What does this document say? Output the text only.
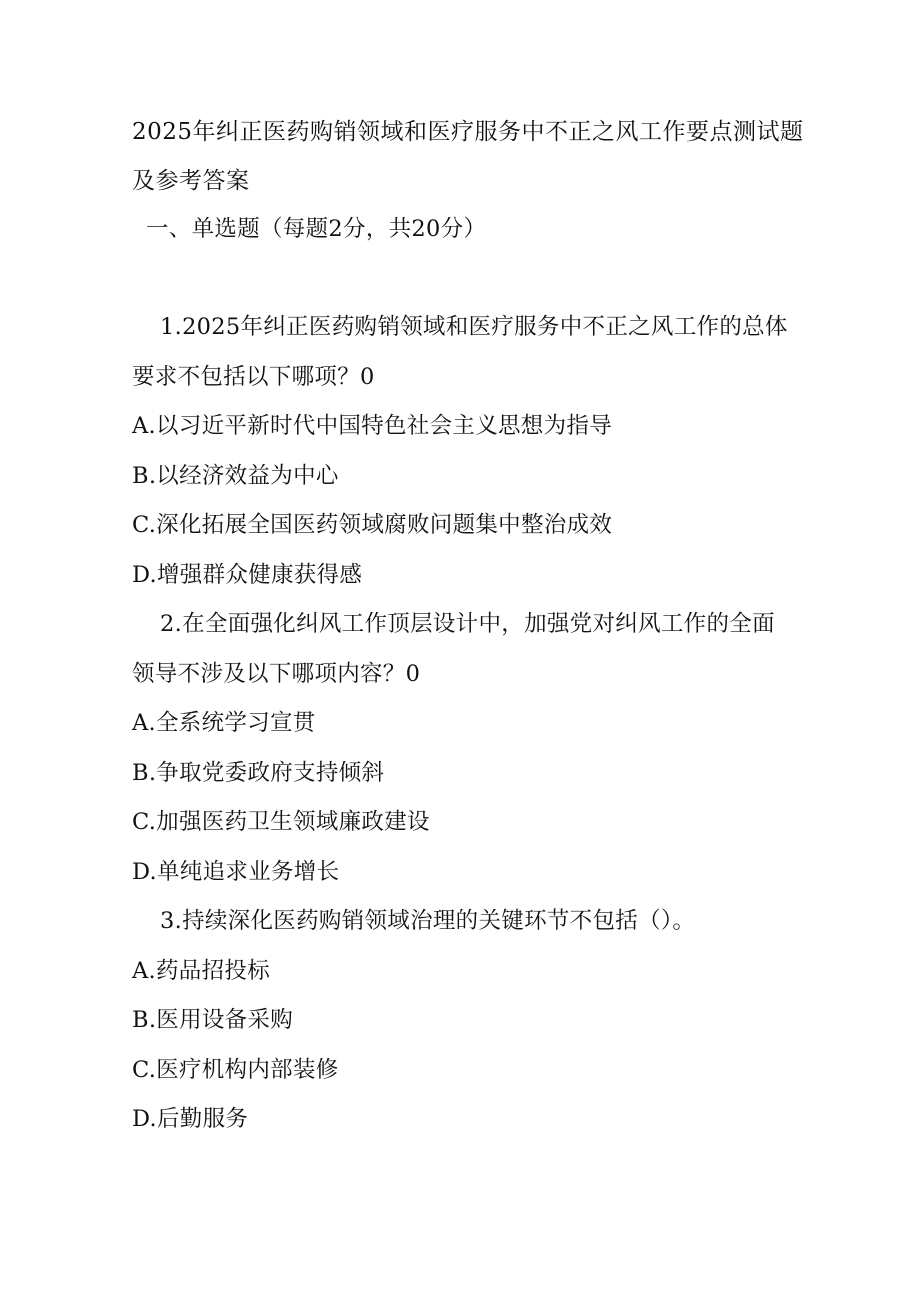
2025年纠正医药购销领域和医疗服务中不正之风工作要点测试题
及参考答案
一、单选题（每题2分，共20分）
1.2025年纠正医药购销领域和医疗服务中不正之风工作的总体
要求不包括以下哪项？0
A.以习近平新时代中国特色社会主义思想为指导
B.以经济效益为中心
C.深化拓展全国医药领域腐败问题集中整治成效
D.增强群众健康获得感
2.在全面强化纠风工作顶层设计中，加强党对纠风工作的全面
领导不涉及以下哪项内容？0
A.全系统学习宣贯
B.争取党委政府支持倾斜
C.加强医药卫生领域廉政建设
D.单纯追求业务增长
3.持续深化医药购销领域治理的关键环节不包括（）。
A.药品招投标
B.医用设备采购
C.医疗机构内部装修
D.后勤服务
